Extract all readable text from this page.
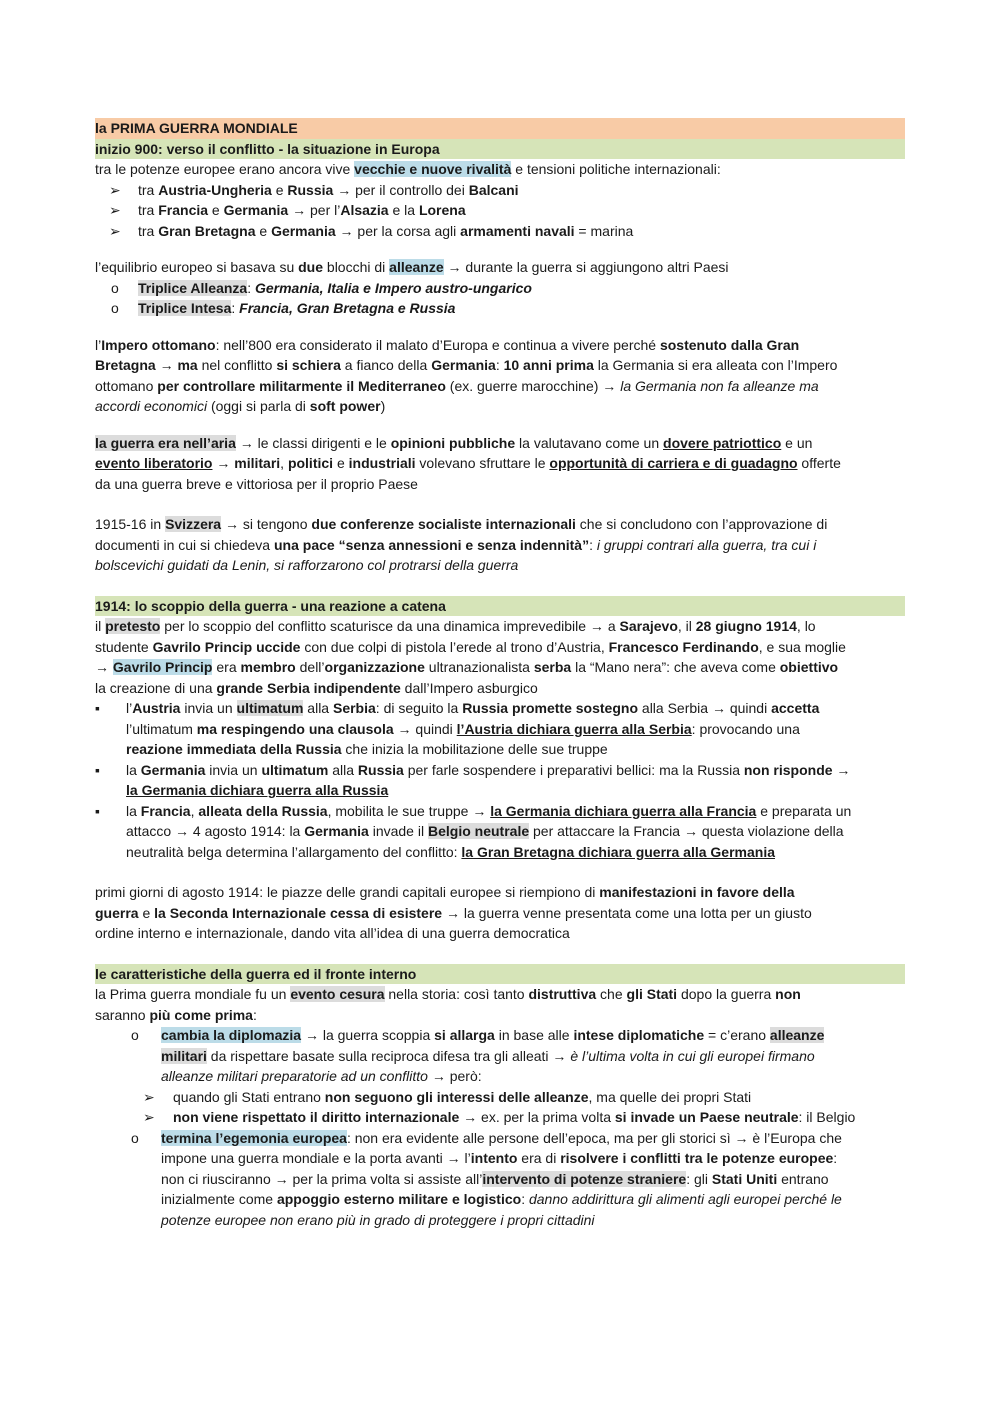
la PRIMA GUERRA MONDIALE
inizio 900: verso il conflitto - la situazione in Europa
tra le potenze europee erano ancora vive vecchie e nuove rivalità e tensioni politiche internazionali:
➢ tra Austria-Ungheria e Russia → per il controllo dei Balcani
➢ tra Francia e Germania → per l’Alsazia e la Lorena
➢ tra Gran Bretagna e Germania → per la corsa agli armamenti navali = marina
l’equilibrio europeo si basava su due blocchi di alleanze → durante la guerra si aggiungono altri Paesi
o Triplice Alleanza: Germania, Italia e Impero austro-ungarico
o Triplice Intesa: Francia, Gran Bretagna e Russia
l’Impero ottomano: nell’800 era considerato il malato d’Europa e continua a vivere perché sostenuto dalla Gran
Bretagna → ma nel conflitto si schiera a fianco della Germania: 10 anni prima la Germania si era alleata con l’Impero
ottomano per controllare militarmente il Mediterraneo (ex. guerre marocchine) → la Germania non fa alleanze ma
accordi economici (oggi si parla di soft power)
la guerra era nell’aria → le classi dirigenti e le opinioni pubbliche la valutavano come un dovere patriottico e un
evento liberatorio → militari, politici e industriali volevano sfruttare le opportunità di carriera e di guadagno offerte
da una guerra breve e vittoriosa per il proprio Paese
1915-16 in Svizzera → si tengono due conferenze socialiste internazionali che si concludono con l’approvazione di
documenti in cui si chiedeva una pace “senza annessioni e senza indennità”: i gruppi contrari alla guerra, tra cui i
bolscevichi guidati da Lenin, si rafforzarono col protrarsi della guerra
1914: lo scoppio della guerra - una reazione a catena
il pretesto per lo scoppio del conflitto scaturisce da una dinamica imprevedibile → a Sarajevo, il 28 giugno 1914, lo
studente Gavrilo Princip uccide con due colpi di pistola l’erede al trono d’Austria, Francesco Ferdinando, e sua moglie
→ Gavrilo Princip era membro dell’organizzazione ultranazionalista serba la “Mano nera”: che aveva come obiettivo
la creazione di una grande Serbia indipendente dall’Impero asburgico
▪	l’Austria invia un ultimatum alla Serbia: di seguito la Russia promette sostegno alla Serbia → quindi accetta
l’ultimatum ma respingendo una clausola → quindi l’Austria dichiara guerra alla Serbia: provocando una
reazione immediata della Russia che inizia la mobilitazione delle sue truppe
▪	la Germania invia un ultimatum alla Russia per farle sospendere i preparativi bellici: ma la Russia non risponde →
la Germania dichiara guerra alla Russia
▪	la Francia, alleata della Russia, mobilita le sue truppe → la Germania dichiara guerra alla Francia e preparata un
attacco → 4 agosto 1914: la Germania invade il Belgio neutrale per attaccare la Francia → questa violazione della
neutralità belga determina l’allargamento del conflitto: la Gran Bretagna dichiara guerra alla Germania
primi giorni di agosto 1914: le piazze delle grandi capitali europee si riempiono di manifestazioni in favore della
guerra e la Seconda Internazionale cessa di esistere → la guerra venne presentata come una lotta per un giusto
ordine interno e internazionale, dando vita all’idea di una guerra democratica
le caratteristiche della guerra ed il fronte interno
la Prima guerra mondiale fu un evento cesura nella storia: così tanto distruttiva che gli Stati dopo la guerra non
saranno più come prima:
o	cambia la diplomazia → la guerra scoppia si allarga in base alle intese diplomatiche = c’erano alleanze
militari da rispettare basate sulla reciproca difesa tra gli alleati → è l’ultima volta in cui gli europei firmano
alleanze militari preparatorie ad un conflitto → però:
➢ quando gli Stati entrano non seguono gli interessi delle alleanze, ma quelle dei propri Stati
➢ non viene rispettato il diritto internazionale → ex. per la prima volta si invade un Paese neutrale: il Belgio
o	termina l’egemonia europea: non era evidente alle persone dell’epoca, ma per gli storici sì → è l’Europa che
impone una guerra mondiale e la porta avanti → l’intento era di risolvere i conflitti tra le potenze europee:
non ci riusciranno → per la prima volta si assiste all’intervento di potenze straniere: gli Stati Uniti entrano
inizialmente come appoggio esterno militare e logistico: danno addirittura gli alimenti agli europei perché le
potenze europee non erano più in grado di proteggere i propri cittadini
